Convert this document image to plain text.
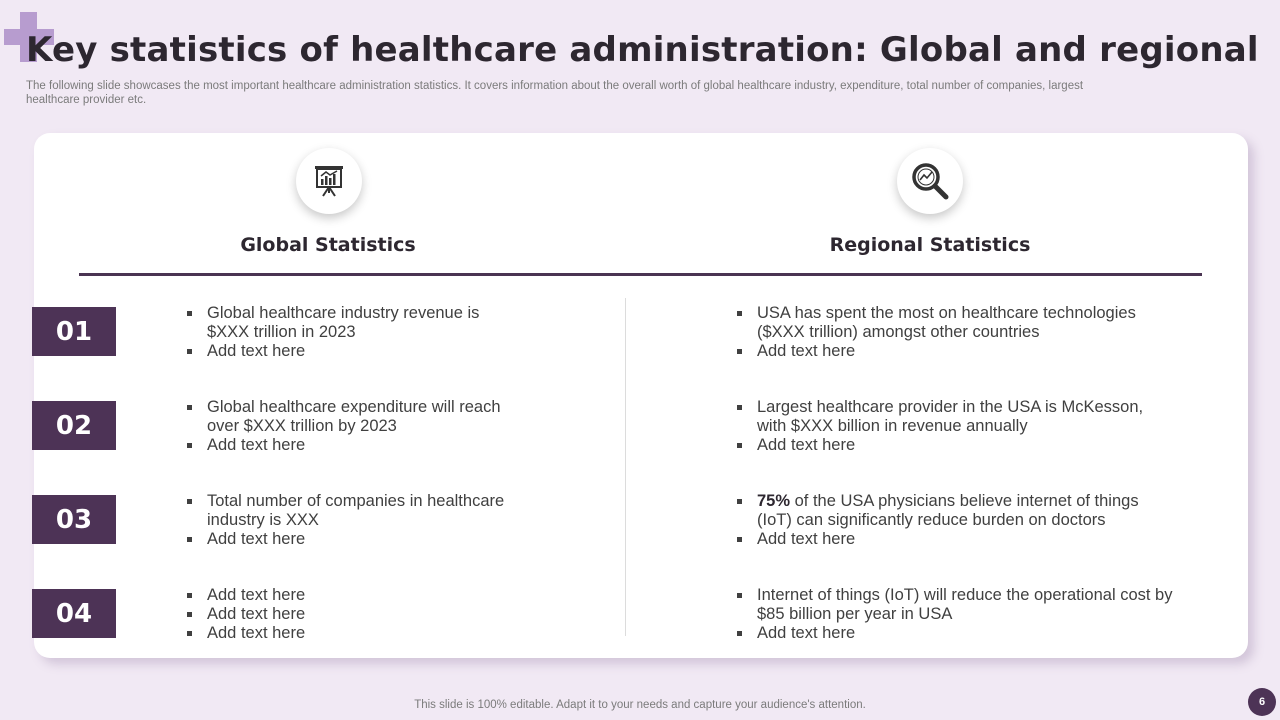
Key statistics of healthcare administration: Global and regional

The following slide showcases the most important healthcare administration statistics. It covers information about the overall worth of global healthcare industry, expenditure, total number of companies, largest healthcare provider etc.

Global Statistics	Regional Statistics
01
Global healthcare industry revenue is $XXX trillion in 2023
Add text here
USA has spent the most on healthcare technologies ($XXX trillion) amongst other countries
Add text here
02
Global healthcare expenditure will reach over $XXX trillion by 2023
Add text here
Largest healthcare provider in the USA is McKesson, with $XXX billion in revenue annually
Add text here
03
Total number of companies in healthcare industry is XXX
Add text here
75% of the USA physicians believe internet of things (IoT) can significantly reduce burden on doctors
Add text here
04
Add text here
Add text here
Add text here
Internet of things (IoT) will reduce the operational cost by $85 billion per year in USA
Add text here
This slide is 100% editable. Adapt it to your needs and capture your audience's attention.	6
